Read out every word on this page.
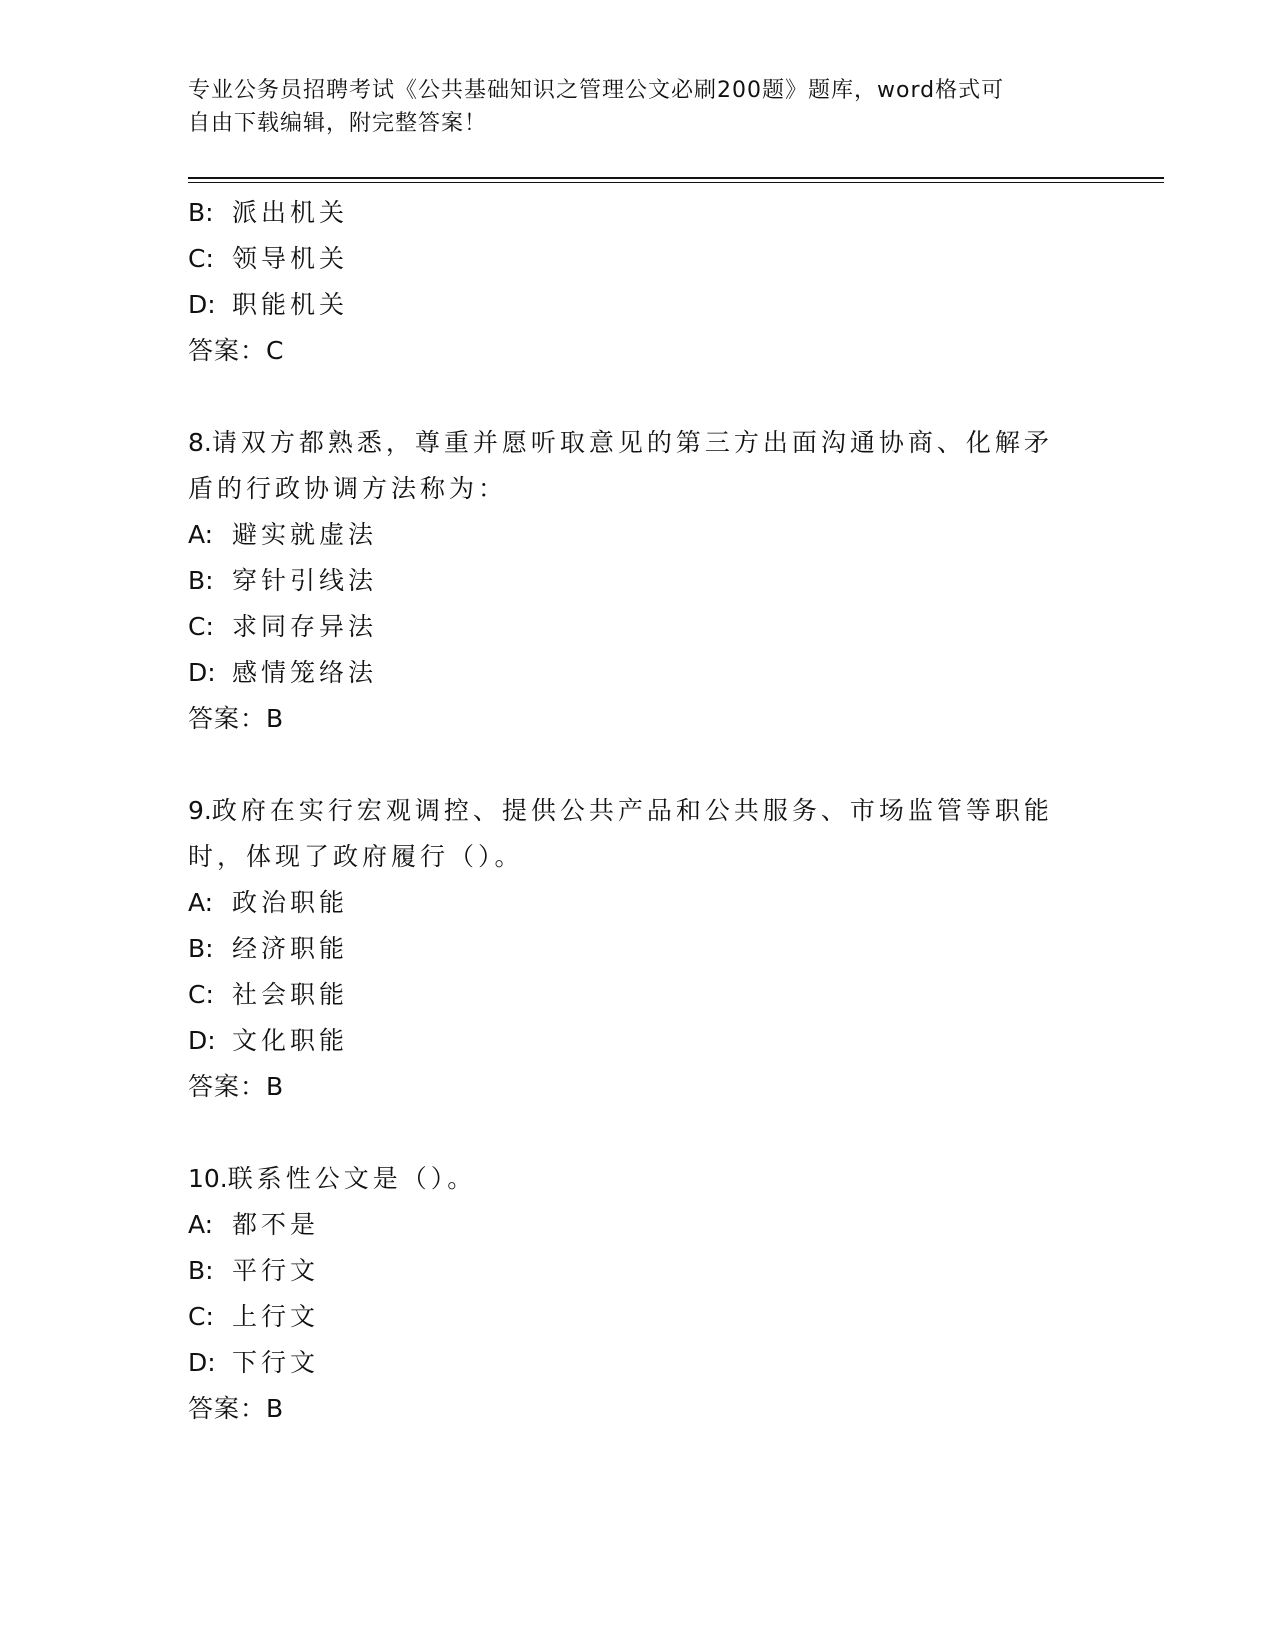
专业公务员招聘考试《公共基础知识之管理公文必刷200题》题库，word格式可
自由下载编辑，附完整答案！
B: 派出机关
C: 领导机关
D: 职能机关
答案：C
8.请双方都熟悉，尊重并愿听取意见的第三方出面沟通协商、化解矛
盾的行政协调方法称为：
A: 避实就虚法
B: 穿针引线法
C: 求同存异法
D: 感情笼络法
答案：B
9.政府在实行宏观调控、提供公共产品和公共服务、市场监管等职能
时，体现了政府履行（）。
A: 政治职能
B: 经济职能
C: 社会职能
D: 文化职能
答案：B
10.联系性公文是（）。
A: 都不是
B: 平行文
C: 上行文
D: 下行文
答案：B
